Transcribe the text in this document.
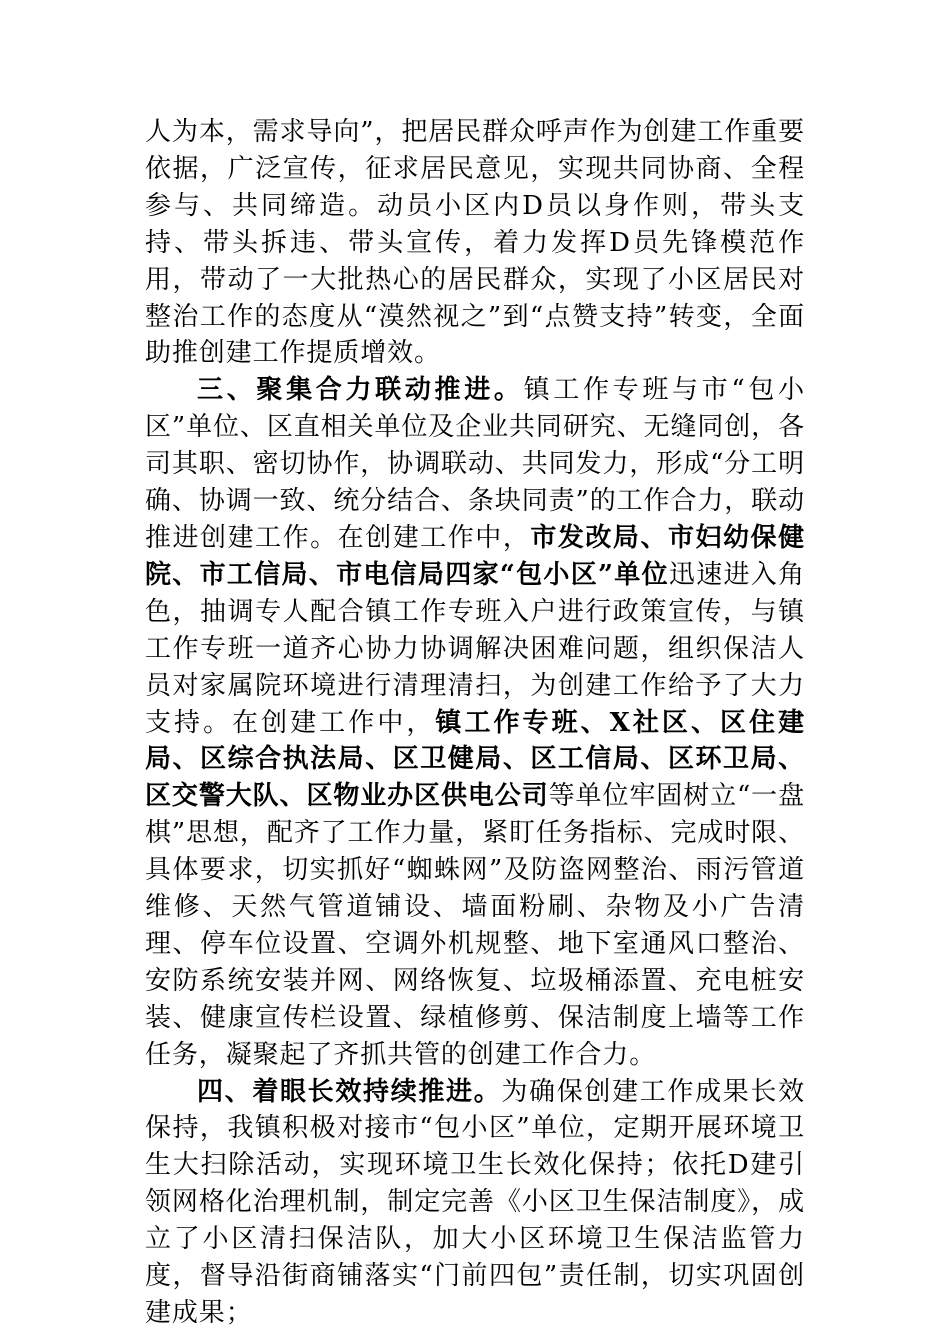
人为本，需求导向”，把居民群众呼声作为创建工作重要依据，广泛宣传，征求居民意见，实现共同协商、全程参与、共同缔造。动员小区内D员以身作则，带头支持、带头拆违、带头宣传，着力发挥D员先锋模范作用，带动了一大批热心的居民群众，实现了小区居民对整治工作的态度从“漠然视之”到“点赞支持”转变，全面助推创建工作提质增效。

三、聚集合力联动推进。镇工作专班与市“包小区”单位、区直相关单位及企业共同研究、无缝同创，各司其职、密切协作，协调联动、共同发力，形成“分工明确、协调一致、统分结合、条块同责”的工作合力，联动推进创建工作。在创建工作中，市发改局、市妇幼保健院、市工信局、市电信局四家“包小区”单位迅速进入角色，抽调专人配合镇工作专班入户进行政策宣传，与镇工作专班一道齐心协力协调解决困难问题，组织保洁人员对家属院环境进行清理清扫，为创建工作给予了大力支持。在创建工作中，镇工作专班、X社区、区住建局、区综合执法局、区卫健局、区工信局、区环卫局、区交警大队、区物业办区供电公司等单位牢固树立“一盘棋”思想，配齐了工作力量，紧盯任务指标、完成时限、具体要求，切实抓好“蜘蛛网”及防盗网整治、雨污管道维修、天然气管道铺设、墙面粉刷、杂物及小广告清理、停车位设置、空调外机规整、地下室通风口整治、安防系统安装并网、网络恢复、垃圾桶添置、充电桩安装、健康宣传栏设置、绿植修剪、保洁制度上墙等工作任务，凝聚起了齐抓共管的创建工作合力。

四、着眼长效持续推进。为确保创建工作成果长效保持，我镇积极对接市“包小区”单位，定期开展环境卫生大扫除活动，实现环境卫生长效化保持；依托D建引领网格化治理机制，制定完善《小区卫生保洁制度》，成立了小区清扫保洁队，加大小区环境卫生保洁监管力度，督导沿街商铺落实“门前四包”责任制，切实巩固创建成果；
